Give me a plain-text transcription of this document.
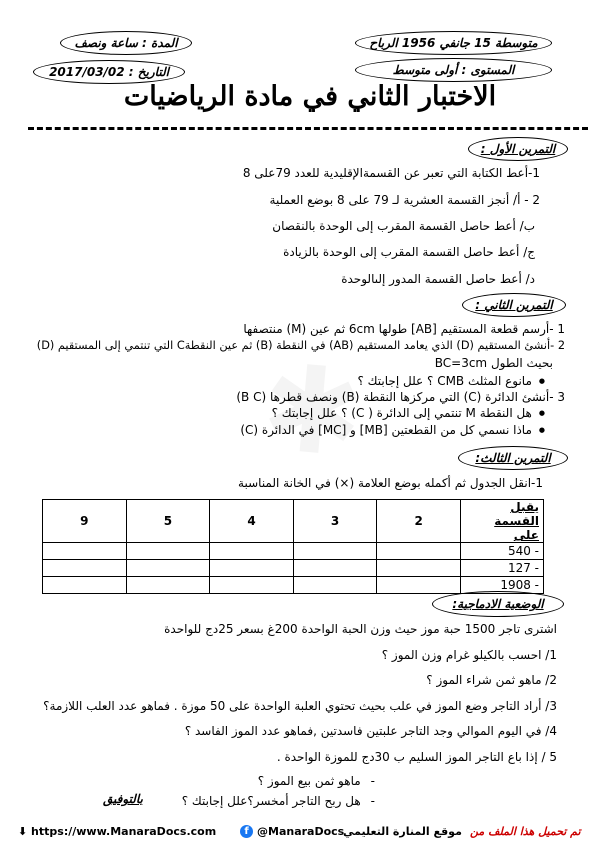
متوسطة 15 جانفي 1956 الرباح
المستوى : أولى متوسط
المدة : ساعة ونصف
التاريخ : 2017/03/02
الاختبار الثاني في مادة الرياضيات
التمرين الأول :
1-أعط الكتابة التي تعبر عن القسمةالإقليدية للعدد 79على 8
2 - أ/ أنجز القسمة العشرية لـ 79 على 8 بوضع العملية
ب/ أعط حاصل القسمة المقرب إلى الوحدة بالنقصان
ج/ أعط حاصل القسمة المقرب إلى الوحدة بالزيادة
د/ أعط حاصل القسمة المدور إلىالوحدة
التمرين الثاني :
1 -أرسم قطعة المستقيم [AB] طولها 6cm ثم عين (M) منتصفها
2 -أنشئ المستقيم (D) الذي يعامد المستقيم (AB) في النقطة (B) ثم عين النقطةC التي تنتمي إلى المستقيم (D)
بحيث الطول BC=3cm
● مانوع المثلث CMB ؟ علل إجابتك ؟
3 -أنشئ الدائرة (C) التي مركزها النقطة (B) ونصف قطرها (B C)
● هل النقطة M تنتمي إلى الدائرة ( C) ؟ علل إجابتك ؟
● ماذا نسمي كل من القطعتين [MB] و [MC] في الدائرة (C)
التمرين الثالث:
1-انقل الجدول ثم أكمله بوضع العلامة (×) في الخانة المناسبة
يقبل القسمة على	2	3	4	5	9
540 -					
127 -					
1908 -					
الوضعية الادماجية:
اشترى تاجر 1500 حبة موز حيث وزن الحبة الواحدة 200غ بسعر 25دج للواحدة
1/ احسب بالكيلو غرام وزن الموز ؟
2/ ماهو ثمن شراء الموز ؟
3/ أراد التاجر وضع الموز في علب بحيث تحتوي العلبة الواحدة على 50 موزة . فماهو عدد العلب اللازمة؟
4/ في اليوم الموالي وجد التاجر علبتين فاسدتين ,فماهو عدد الموز الفاسد ؟
5 / إذا باع التاجر الموز السليم ب 30دج للموزة الواحدة .
- ماهو ثمن بيع الموز ؟
- هل ربح التاجر أمخسر؟علل إجابتك ؟
بالتوفيق
⬇ https://www.ManaraDocs.com	f @ManaraDocs
موقع المنارة التعليمي تم تحميل هذا الملف من
